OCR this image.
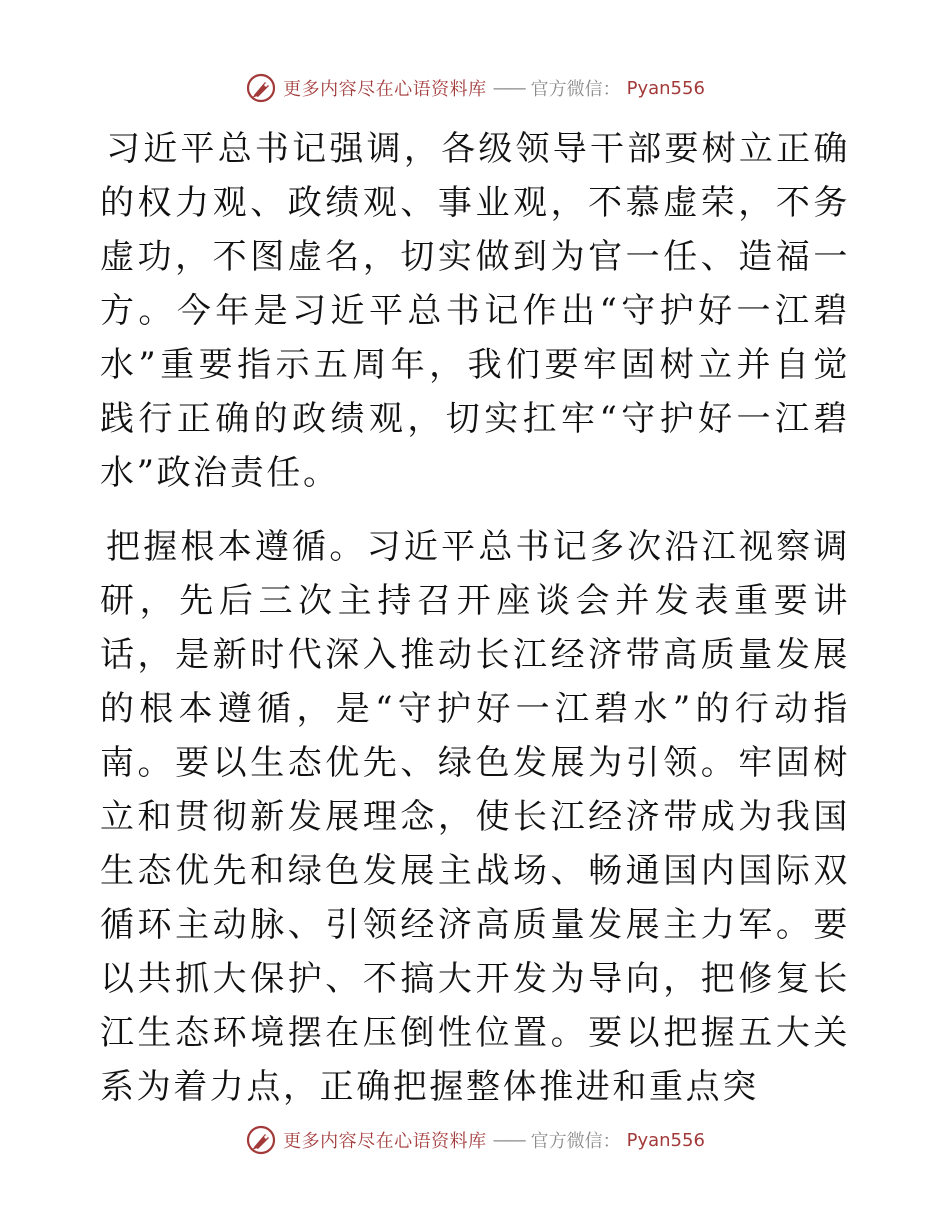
更多内容尽在心语资料库 —— 官方微信： Pyan556

习近平总书记强调，各级领导干部要树立正确的权力观、政绩观、事业观，不慕虚荣，不务虚功，不图虚名，切实做到为官一任、造福一方。今年是习近平总书记作出“守护好一江碧水”重要指示五周年，我们要牢固树立并自觉践行正确的政绩观，切实扛牢“守护好一江碧水”政治责任。

把握根本遵循。习近平总书记多次沿江视察调研，先后三次主持召开座谈会并发表重要讲话，是新时代深入推动长江经济带高质量发展的根本遵循，是“守护好一江碧水”的行动指南。要以生态优先、绿色发展为引领。牢固树立和贯彻新发展理念，使长江经济带成为我国生态优先和绿色发展主战场、畅通国内国际双循环主动脉、引领经济高质量发展主力军。要以共抓大保护、不搞大开发为导向，把修复长江生态环境摆在压倒性位置。要以把握五大关系为着力点，正确把握整体推进和重点突

更多内容尽在心语资料库 —— 官方微信： Pyan556
